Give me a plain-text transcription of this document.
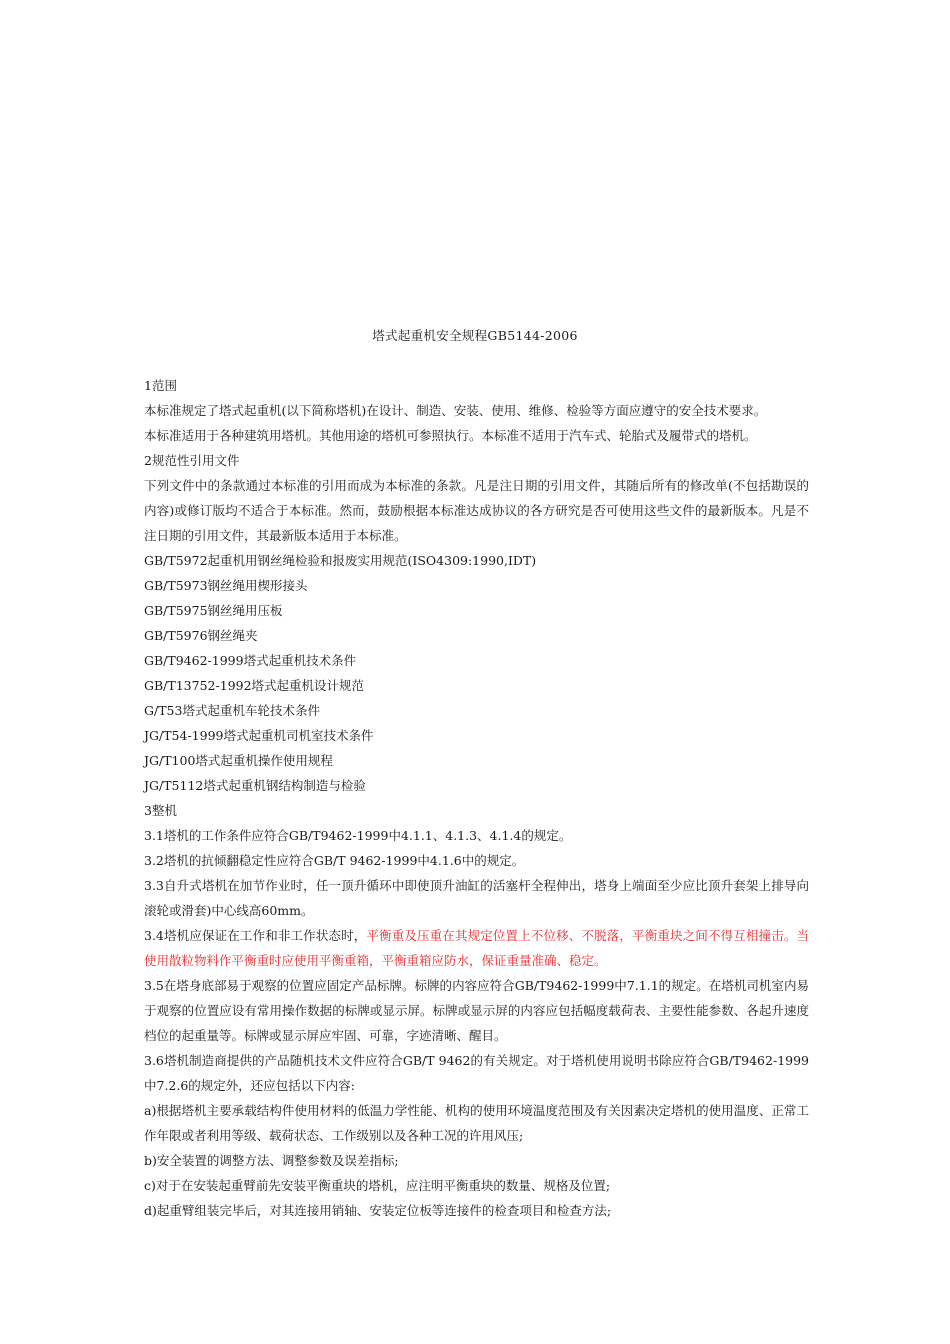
塔式起重机安全规程GB5144-2006

1范围

本标准规定了塔式起重机(以下简称塔机)在设计、制造、安装、使用、维修、检验等方面应遵守的安全技术要求。

本标准适用于各种建筑用塔机。其他用途的塔机可参照执行。本标准不适用于汽车式、轮胎式及履带式的塔机。

2规范性引用文件

下列文件中的条款通过本标准的引用而成为本标准的条款。凡是注日期的引用文件，其随后所有的修改单(不包括勘误的内容)或修订版均不适合于本标准。然而，鼓励根据本标准达成协议的各方研究是否可使用这些文件的最新版本。凡是不注日期的引用文件，其最新版本适用于本标准。

GB/T5972起重机用钢丝绳检验和报废实用规范(ISO4309:1990,IDT)

GB/T5973钢丝绳用楔形接头

GB/T5975钢丝绳用压板

GB/T5976钢丝绳夹

GB/T9462-1999塔式起重机技术条件

GB/T13752-1992塔式起重机设计规范

G/T53塔式起重机车轮技术条件

JG/T54-1999塔式起重机司机室技术条件

JG/T100塔式起重机操作使用规程

JG/T5112塔式起重机钢结构制造与检验

3整机

3.1塔机的工作条件应符合GB/T9462-1999中4.1.1、4.1.3、4.1.4的规定。

3.2塔机的抗倾翻稳定性应符合GB/T 9462-1999中4.1.6中的规定。

3.3自升式塔机在加节作业时，任一顶升循环中即使顶升油缸的活塞杆全程伸出，塔身上端面至少应比顶升套架上排导向滚轮或滑套)中心线高60mm。

3.4塔机应保证在工作和非工作状态时，平衡重及压重在其规定位置上不位移、不脱落，平衡重块之间不得互相撞击。当使用散粒物料作平衡重时应使用平衡重箱，平衡重箱应防水，保证重量准确、稳定。

3.5在塔身底部易于观察的位置应固定产品标牌。标牌的内容应符合GB/T9462-1999中7.1.1的规定。在塔机司机室内易于观察的位置应设有常用操作数据的标牌或显示屏。标牌或显示屏的内容应包括幅度载荷表、主要性能参数、各起升速度档位的起重量等。标牌或显示屏应牢固、可靠，字迹清晰、醒目。

3.6塔机制造商提供的产品随机技术文件应符合GB/T 9462的有关规定。对于塔机使用说明书除应符合GB/T9462-1999中7.2.6的规定外，还应包括以下内容:

a)根据塔机主要承载结构件使用材料的低温力学性能、机构的使用环境温度范围及有关因素决定塔机的使用温度、正常工作年限或者利用等级、载荷状态、工作级别以及各种工况的许用风压;

b)安全装置的调整方法、调整参数及误差指标;

c)对于在安装起重臂前先安装平衡重块的塔机，应注明平衡重块的数量、规格及位置;

d)起重臂组装完毕后，对其连接用销轴、安装定位板等连接件的检查项目和检查方法;
